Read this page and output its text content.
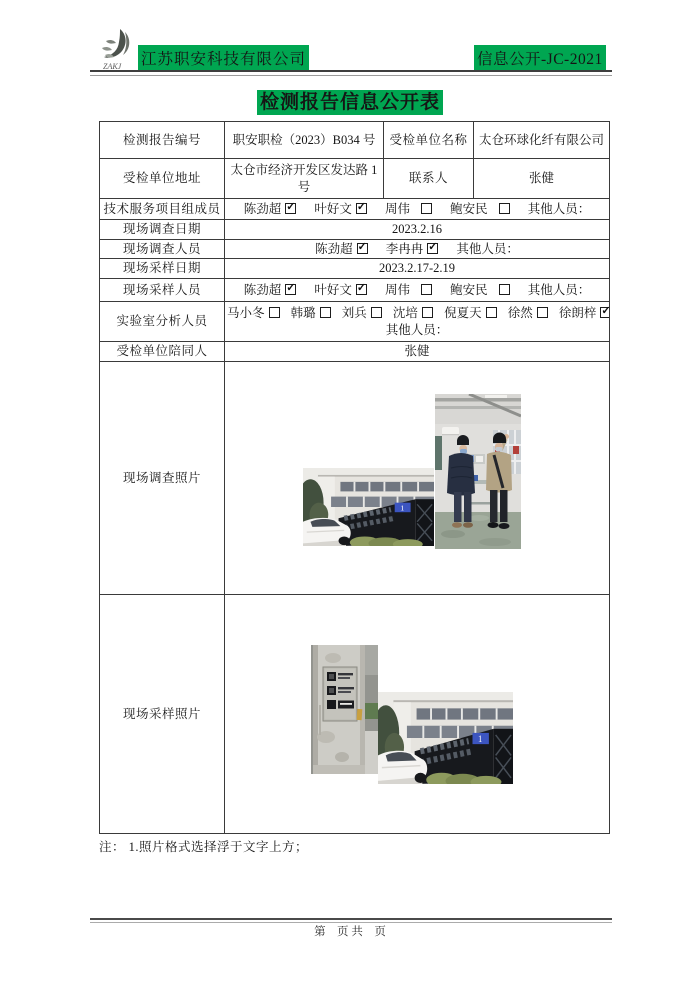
ZAKJ 江苏职安科技有限公司	信息公开-JC-2021
检测报告信息公开表
检测报告编号	职安职检（2023）B034 号	受检单位名称	太仓环球化纤有限公司
受检单位地址	太仓市经济开发区发达路 1 号	联系人	张健
技术服务项目组成员	陈劲超 ✓ 叶好文 ✓ 周伟 鲍安民 其他人员：
现场调查日期	2023.2.16		
现场调查人员	陈劲超 ✓ 李冉冉 ✓ 其他人员：
现场采样日期	2023.2.17-2.19		
现场采样人员	陈劲超 ✓ 叶好文 ✓ 周伟 鲍安民 其他人员：
实验室分析人员	马小冬 韩璐 刘兵 沈培 倪夏天 徐然 徐朗梓✓
其他人员：

受检单位陪同人	张健		
现场调查照片	1		

现场采样照片	1		
注： 1.照片格式选择浮于文字上方；
第　页 共　页
